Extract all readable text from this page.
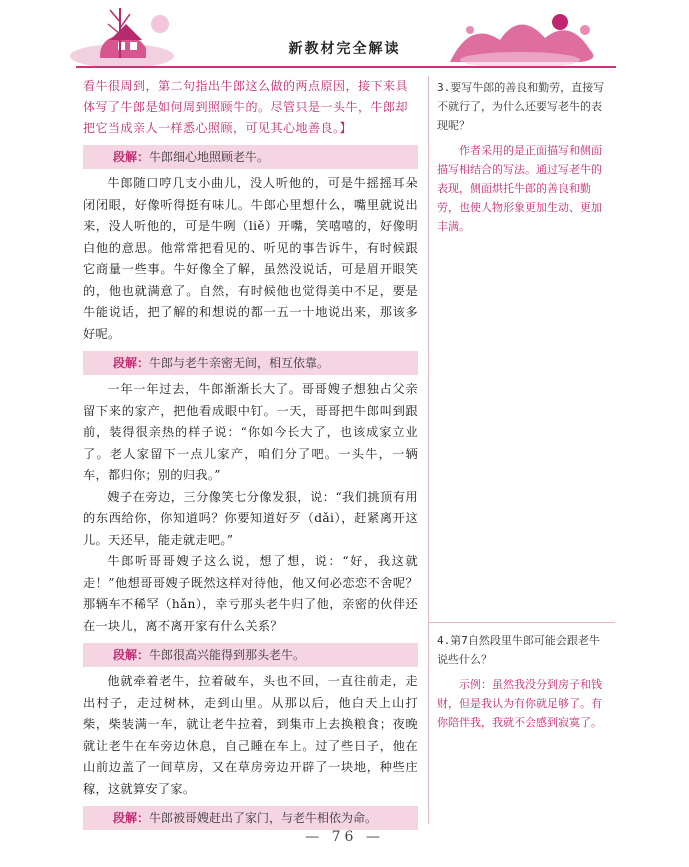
新教材完全解读
看牛很周到，第二句指出牛郎这么做的两点原因，接下来具体写了牛郎是如何周到照顾牛的。尽管只是一头牛，牛郎却把它当成亲人一样悉心照顾，可见其心地善良。】
段解：牛郎细心地照顾老牛。

牛郎随口哼几支小曲儿，没人听他的，可是牛摇摇耳朵闭闭眼，好像听得挺有味儿。牛郎心里想什么，嘴里就说出来，没人听他的，可是牛咧（liě）开嘴，笑嘻嘻的，好像明白他的意思。他常常把看见的、听见的事告诉牛，有时候跟它商量一些事。牛好像全了解，虽然没说话，可是眉开眼笑的，他也就满意了。自然，有时候他也觉得美中不足，要是牛能说话，把了解的和想说的都一五一十地说出来，那该多好呢。

段解：牛郎与老牛亲密无间，相互依靠。

一年一年过去，牛郎渐渐长大了。哥哥嫂子想独占父亲留下来的家产，把他看成眼中钉。一天，哥哥把牛郎叫到跟前，装得很亲热的样子说：“你如今长大了，也该成家立业了。老人家留下一点儿家产，咱们分了吧。一头牛，一辆车，都归你；别的归我。”

嫂子在旁边，三分像笑七分像发狠，说：“我们挑顶有用的东西给你，你知道吗？你要知道好歹（dǎi），赶紧离开这儿。天还早，能走就走吧。”

牛郎听哥哥嫂子这么说，想了想，说：“好，我这就走！”他想哥哥嫂子既然这样对待他，他又何必恋恋不舍呢？那辆车不稀罕（hǎn），幸亏那头老牛归了他，亲密的伙伴还在一块儿，离不离开家有什么关系？

段解：牛郎很高兴能得到那头老牛。

他就牵着老牛，拉着破车，头也不回，一直往前走，走出村子，走过树林，走到山里。从那以后，他白天上山打柴，柴装满一车，就让老牛拉着，到集市上去换粮食；夜晚就让老牛在车旁边休息，自己睡在车上。过了些日子，他在山前边盖了一间草房，又在草房旁边开辟了一块地，种些庄稼，这就算安了家。

段解：牛郎被哥嫂赶出了家门，与老牛相依为命。
3.要写牛郎的善良和勤劳，直接写不就行了，为什么还要写老牛的表现呢？
作者采用的是正面描写和侧面描写相结合的写法。通过写老牛的表现，侧面烘托牛郎的善良和勤劳，也使人物形象更加生动、更加丰满。
4.第7自然段里牛郎可能会跟老牛说些什么？
示例：虽然我没分到房子和钱财，但是我认为有你就足够了。有你陪伴我，我就不会感到寂寞了。
— 76 —
